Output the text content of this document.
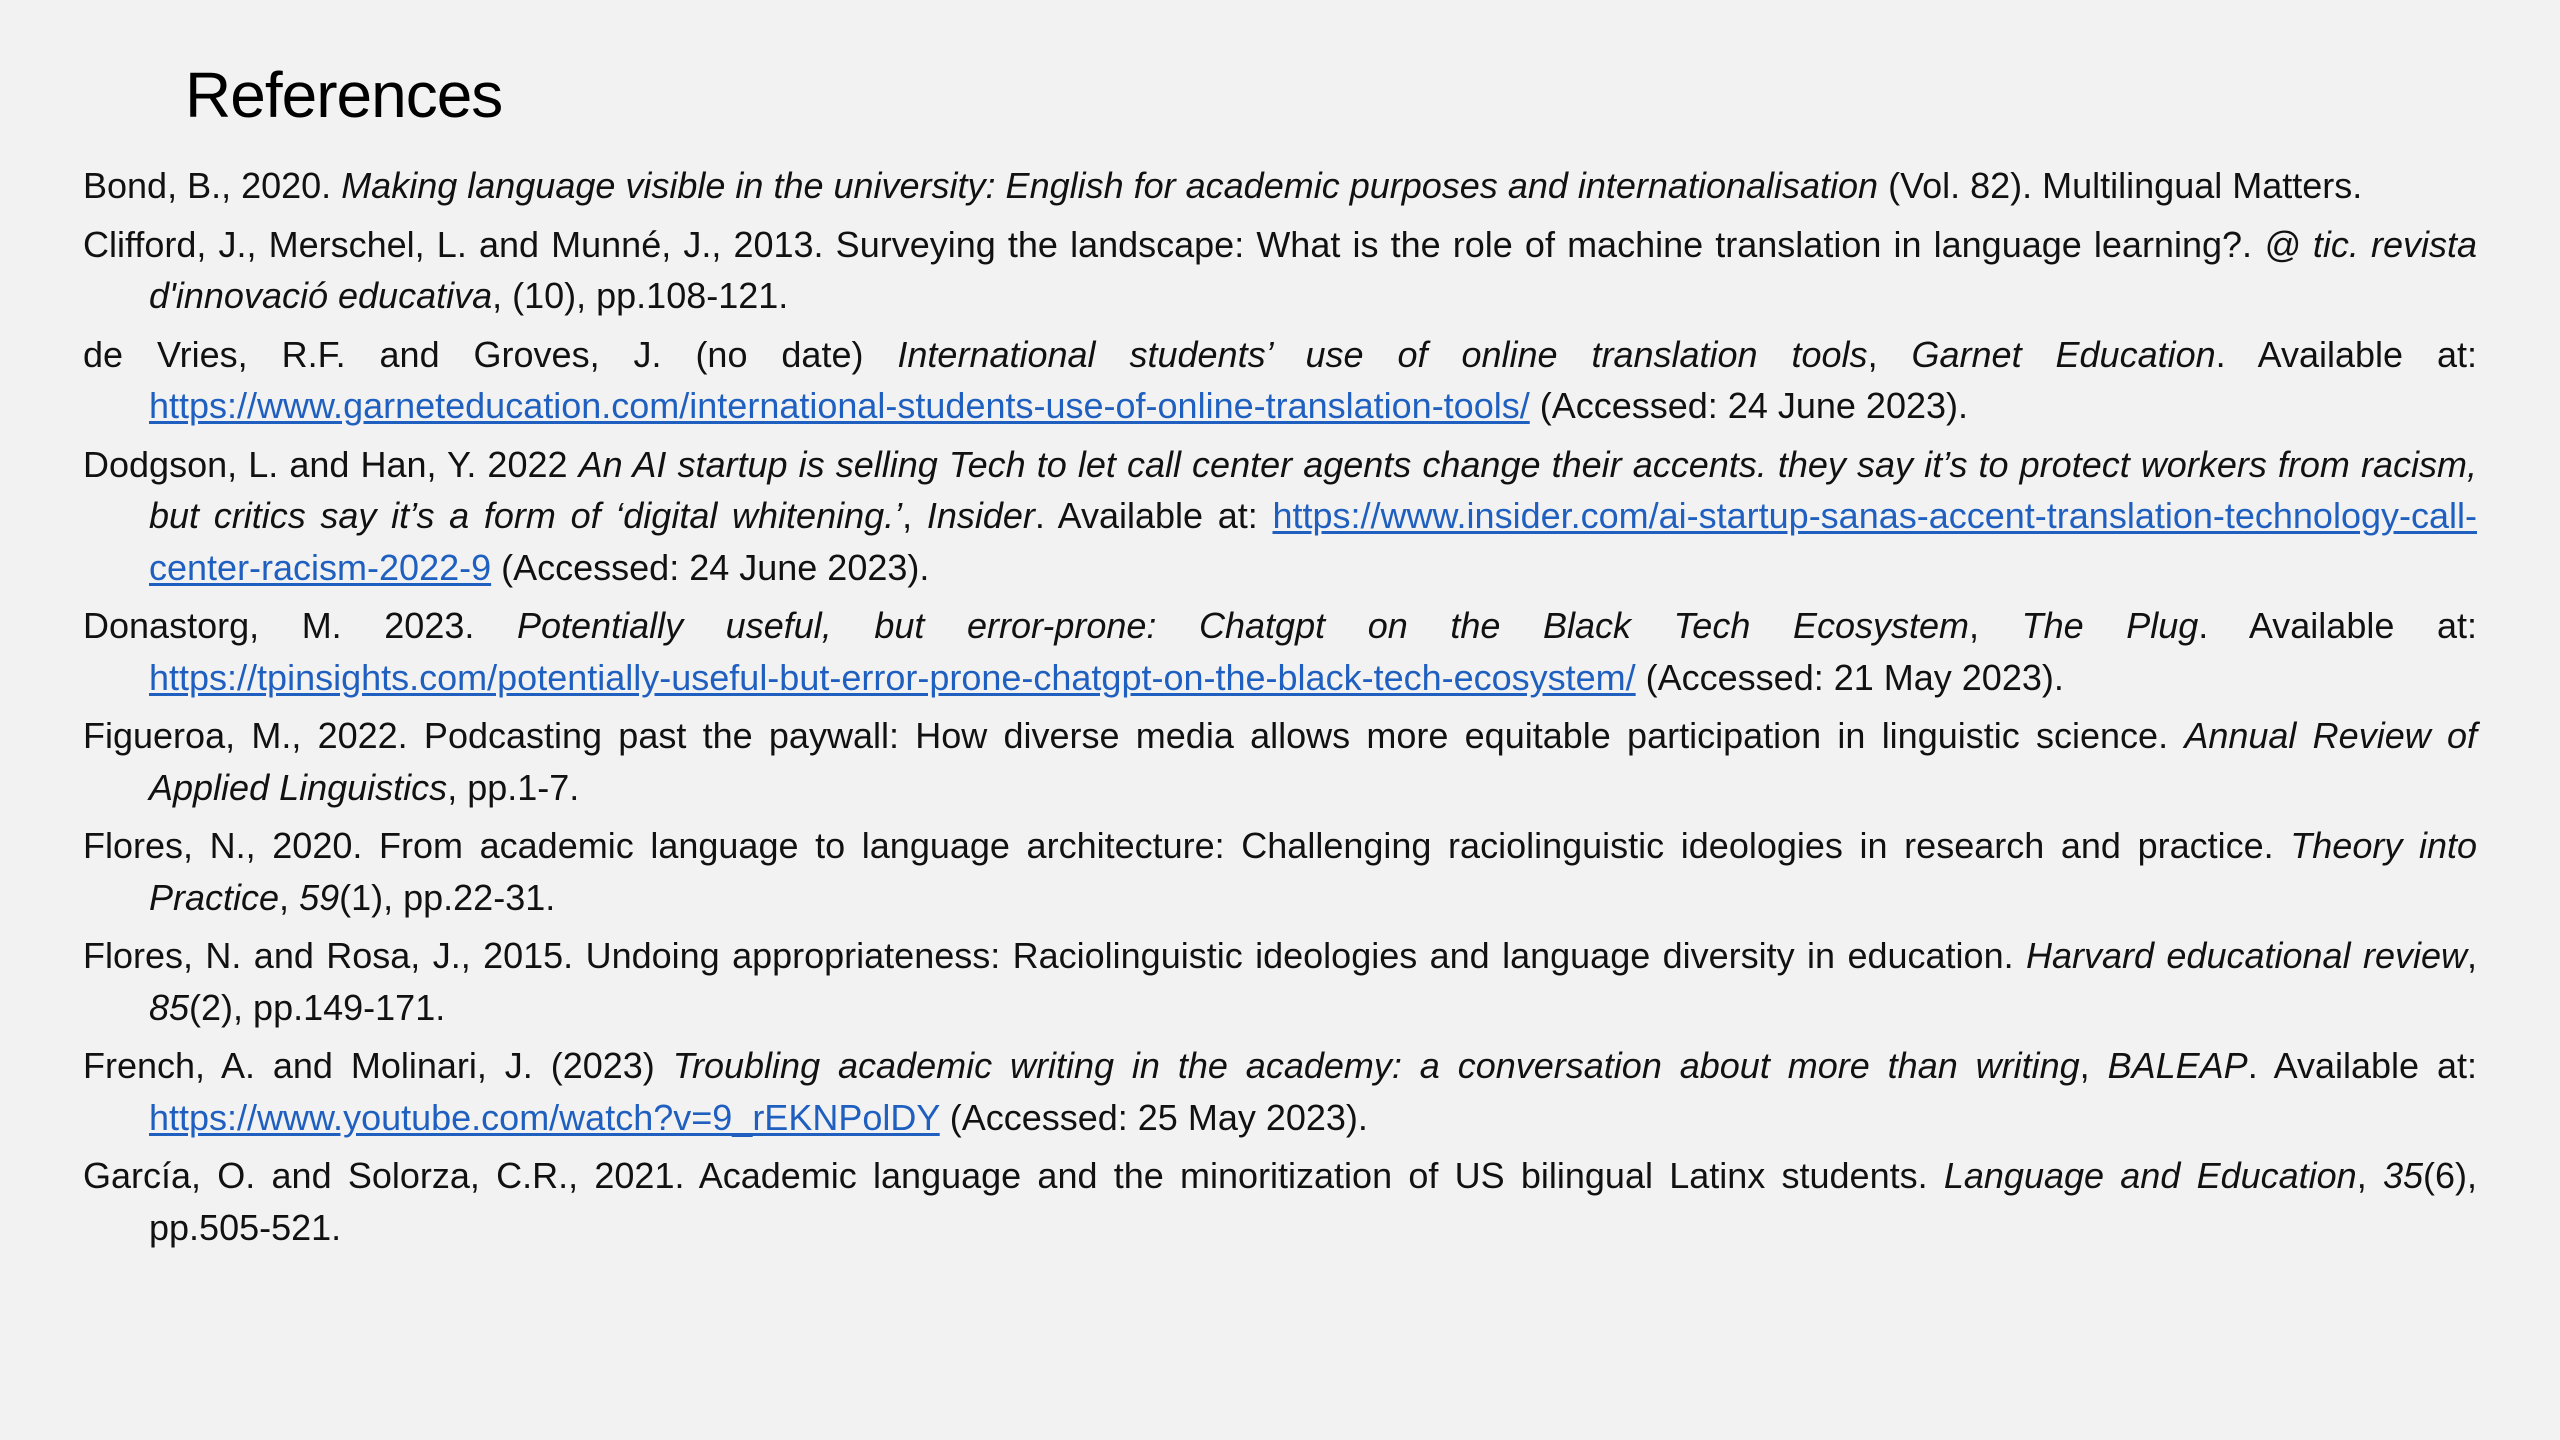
References
Bond, B., 2020. Making language visible in the university: English for academic purposes and internationalisation (Vol. 82). Multilingual Matters.
Clifford, J., Merschel, L. and Munné, J., 2013. Surveying the landscape: What is the role of machine translation in language learning?. @ tic. revista d'innovació educativa, (10), pp.108-121.
de Vries, R.F. and Groves, J. (no date) International students’ use of online translation tools, Garnet Education. Available at: https://www.garneteducation.com/international-students-use-of-online-translation-tools/ (Accessed: 24 June 2023).
Dodgson, L. and Han, Y. 2022 An AI startup is selling Tech to let call center agents change their accents. they say it’s to protect workers from racism, but critics say it’s a form of ‘digital whitening.’, Insider. Available at: https://www.insider.com/ai-startup-sanas-accent-translation-technology-call-center-racism-2022-9 (Accessed: 24 June 2023).
Donastorg, M. 2023. Potentially useful, but error-prone: Chatgpt on the Black Tech Ecosystem, The Plug. Available at: https://tpinsights.com/potentially-useful-but-error-prone-chatgpt-on-the-black-tech-ecosystem/ (Accessed: 21 May 2023).
Figueroa, M., 2022. Podcasting past the paywall: How diverse media allows more equitable participation in linguistic science. Annual Review of Applied Linguistics, pp.1-7.
Flores, N., 2020. From academic language to language architecture: Challenging raciolinguistic ideologies in research and practice. Theory into Practice, 59(1), pp.22-31.
Flores, N. and Rosa, J., 2015. Undoing appropriateness: Raciolinguistic ideologies and language diversity in education. Harvard educational review, 85(2), pp.149-171.
French, A. and Molinari, J. (2023) Troubling academic writing in the academy: a conversation about more than writing, BALEAP. Available at: https://www.youtube.com/watch?v=9_rEKNPolDY (Accessed: 25 May 2023).
García, O. and Solorza, C.R., 2021. Academic language and the minoritization of US bilingual Latinx students. Language and Education, 35(6), pp.505-521.
